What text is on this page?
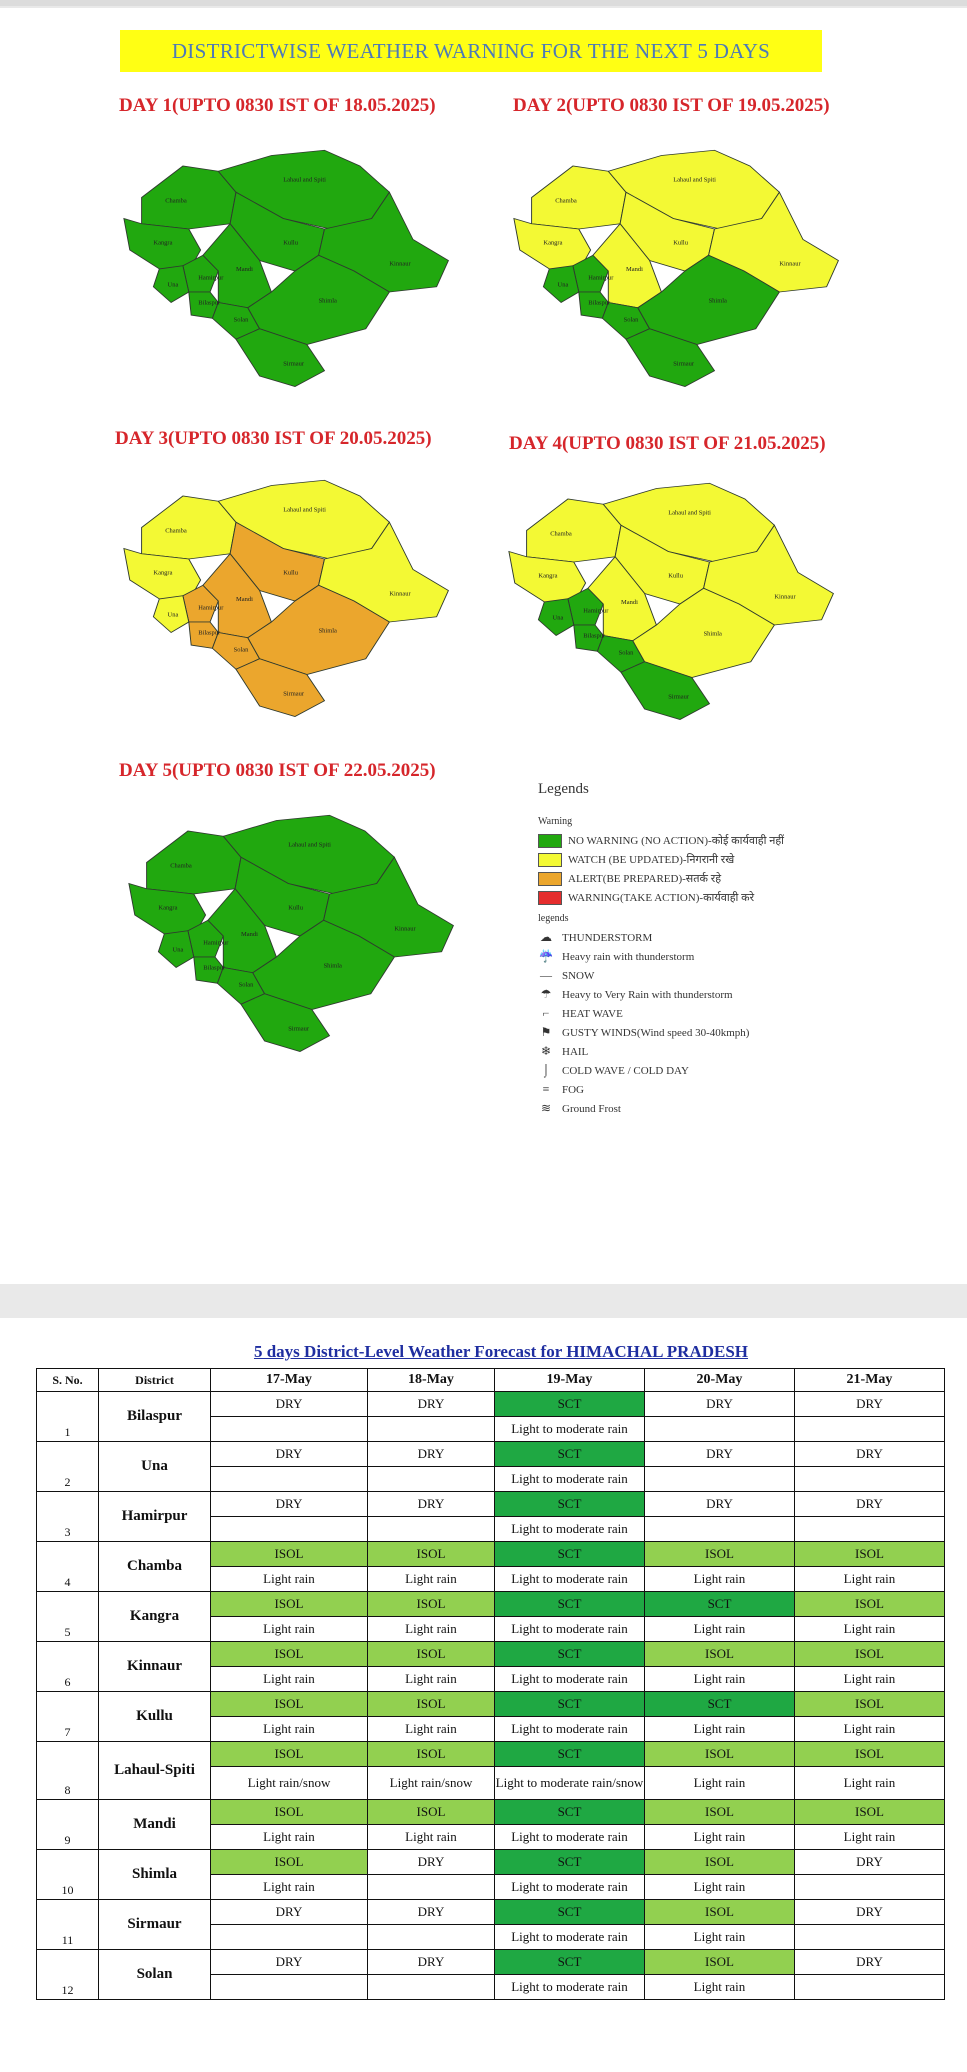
DISTRICTWISE WEATHER WARNING FOR THE NEXT 5 DAYS
DAY 1(UPTO 0830 IST OF 18.05.2025)	DAY 2(UPTO 0830 IST OF 19.05.2025)
DAY 3(UPTO 0830 IST OF 20.05.2025)	DAY 4(UPTO 0830 IST OF 21.05.2025)
DAY 5(UPTO 0830 IST OF 22.05.2025)
Chamba
Lahaul and Spiti
Kangra	Kullu
Hamirpur
Una
Mandi
Kinnaur
Bilaspur
Solan
Shimla
Sirmaur
Chamba
Lahaul and Spiti
Kangra	Kullu
Hamirpur
Una
Mandi
Kinnaur
Bilaspur
Solan
Shimla
Sirmaur
Chamba
Lahaul and Spiti
Kangra	Kullu
Hamirpur
Una
Mandi
Kinnaur
Bilaspur
Solan
Shimla
Sirmaur
Chamba
Lahaul and Spiti
Kangra	Kullu
Hamirpur
Una
Mandi
Kinnaur
Bilaspur
Solan
Shimla
Sirmaur
Chamba
Lahaul and Spiti
Kangra	Kullu
Hamirpur
Una
Mandi
Kinnaur
Bilaspur
Solan
Shimla
Sirmaur
Legends
Warning
NO WARNING (NO ACTION)-कोई कार्यवाही नहीं
WATCH (BE UPDATED)-निगरानी रखे
ALERT(BE PREPARED)-सतर्क रहे
WARNING(TAKE ACTION)-कार्यवाही करे
legends
☁ THUNDERSTORM
☔ Heavy rain with thunderstorm
— SNOW
☂ Heavy to Very Rain with thunderstorm
⌐	HEAT WAVE
⚑ GUSTY WINDS(Wind speed 30-40kmph)
❄ HAIL
⌡	COLD WAVE / COLD DAY
≡	FOG
≋ Ground Frost
5 days District-Level Weather Forecast for HIMACHAL PRADESH
S. No.	District	17-May	18-May	19-May	20-May	21-May
1	Bilaspur	DRY	DRY	SCT	DRY	DRY
				Light to moderate rain		
2	Una	DRY	DRY	SCT	DRY	DRY
				Light to moderate rain		
3	Hamirpur	DRY	DRY	SCT	DRY	DRY
				Light to moderate rain		
4	Chamba	ISOL	ISOL	SCT	ISOL	ISOL
		Light rain	Light rain	Light to moderate rain	Light rain	Light rain
5	Kangra	ISOL	ISOL	SCT	SCT	ISOL
		Light rain	Light rain	Light to moderate rain	Light rain	Light rain
6	Kinnaur	ISOL	ISOL	SCT	ISOL	ISOL
		Light rain	Light rain	Light to moderate rain	Light rain	Light rain
7	Kullu	ISOL	ISOL	SCT	SCT	ISOL
		Light rain	Light rain	Light to moderate rain	Light rain	Light rain
8	Lahaul-Spiti	ISOL	ISOL	SCT	ISOL	ISOL
		Light rain/snow	Light rain/snow	Light to moderate rain/snow	Light rain	Light rain
9	Mandi	ISOL	ISOL	SCT	ISOL	ISOL
		Light rain	Light rain	Light to moderate rain	Light rain	Light rain
10	Shimla	ISOL	DRY	SCT	ISOL	DRY
		Light rain		Light to moderate rain	Light rain	
11	Sirmaur	DRY	DRY	SCT	ISOL	DRY
				Light to moderate rain	Light rain	
12	Solan	DRY	DRY	SCT	ISOL	DRY
				Light to moderate rain	Light rain	
